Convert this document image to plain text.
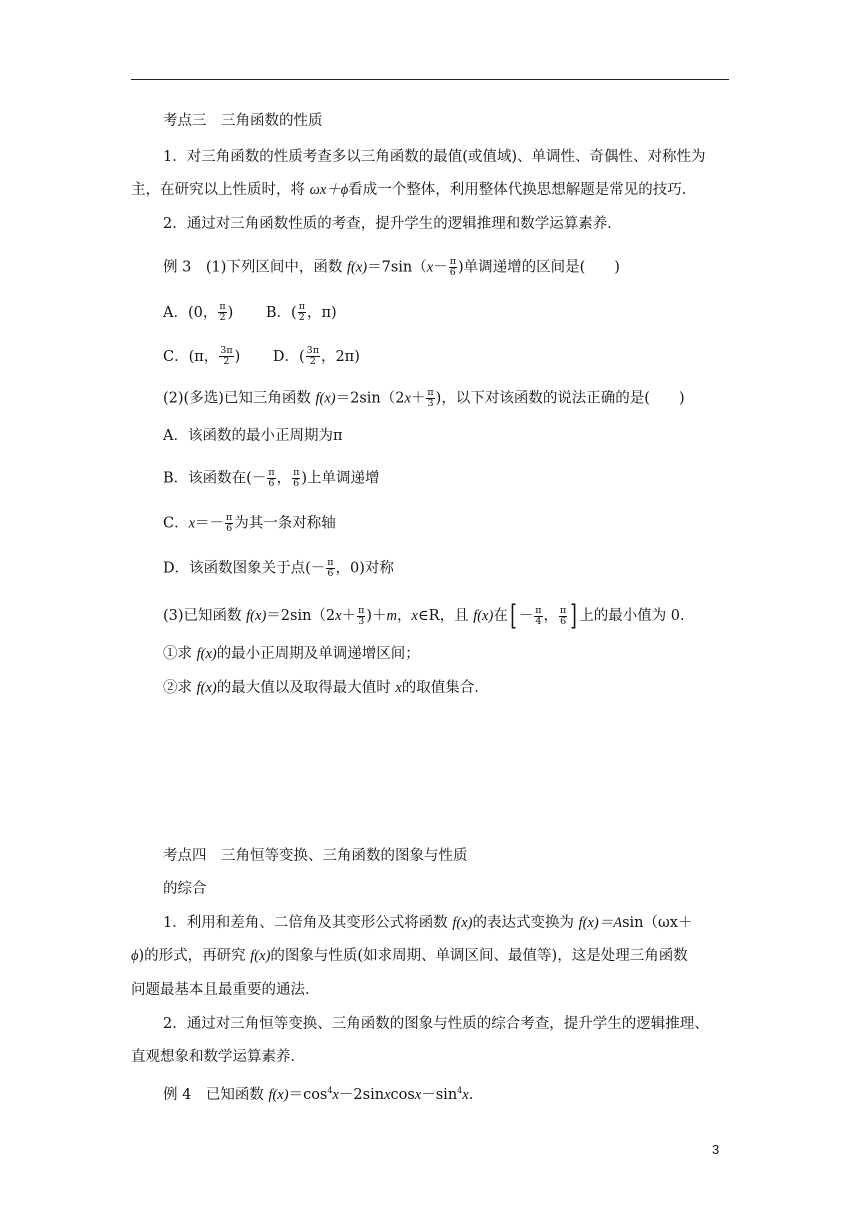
考点三　三角函数的性质
1．对三角函数的性质考查多以三角函数的最值(或值域)、单调性、奇偶性、对称性为
主，在研究以上性质时，将 ωx＋ϕ看成一个整体，利用整体代换思想解题是常见的技巧．
2．通过对三角函数性质的考查，提升学生的逻辑推理和数学运算素养．
例 3　(1)下列区间中，函数 $f(x)=7\sin(x- \frac{\pi}{6}$ )单调递增的区间是(　　)
A．(0， $\frac{\pi}{2}$ ) B．( $\frac{\pi}{2}$ ，π)
C．(π， $\frac{3\pi}{2}$ ) D．( $\frac{3\pi}{2}$ ，2π)
(2)(多选)已知三角函数 $f(x)=2\sin(2x+ \frac{\pi}{3}$ )，以下对该函数的说法正确的是(　　)
A．该函数的最小正周期为π
B．该函数在(－ $\frac{\pi}{6}$ ， $\frac{\pi}{6}$ )上单调递增
C．$x=- \frac{\pi}{6}$ 为其一条对称轴
D．该函数图象关于点(－ $\frac{\pi}{6}$ ，0)对称
(3)已知函数 $f(x)=2\sin(2x+ \frac{\pi}{3} )+m$，x∈R，且 f(x)在[ － $\frac{\pi}{4}$ ， $\frac{\pi}{6}$ ] 上的最小值为 0.
①求 f(x)的最小正周期及单调递增区间；
②求 f(x)的最大值以及取得最大值时 x的取值集合．
考点四　三角恒等变换、三角函数的图象与性质
的综合
1．利用和差角、二倍角及其变形公式将函数 f(x)的表达式变换为 f(x)＝Asin（ωx＋
ϕ)的形式，再研究 f(x)的图象与性质(如求周期、单调区间、最值等)，这是处理三角函数
问题最基本且最重要的通法．
2．通过对三角恒等变换、三角函数的图象与性质的综合考查，提升学生的逻辑推理、
直观想象和数学运算素养．
例 4　已知函数 $f(x)=\cos^4x-2sinxcosx-\sin^4x$.
3
